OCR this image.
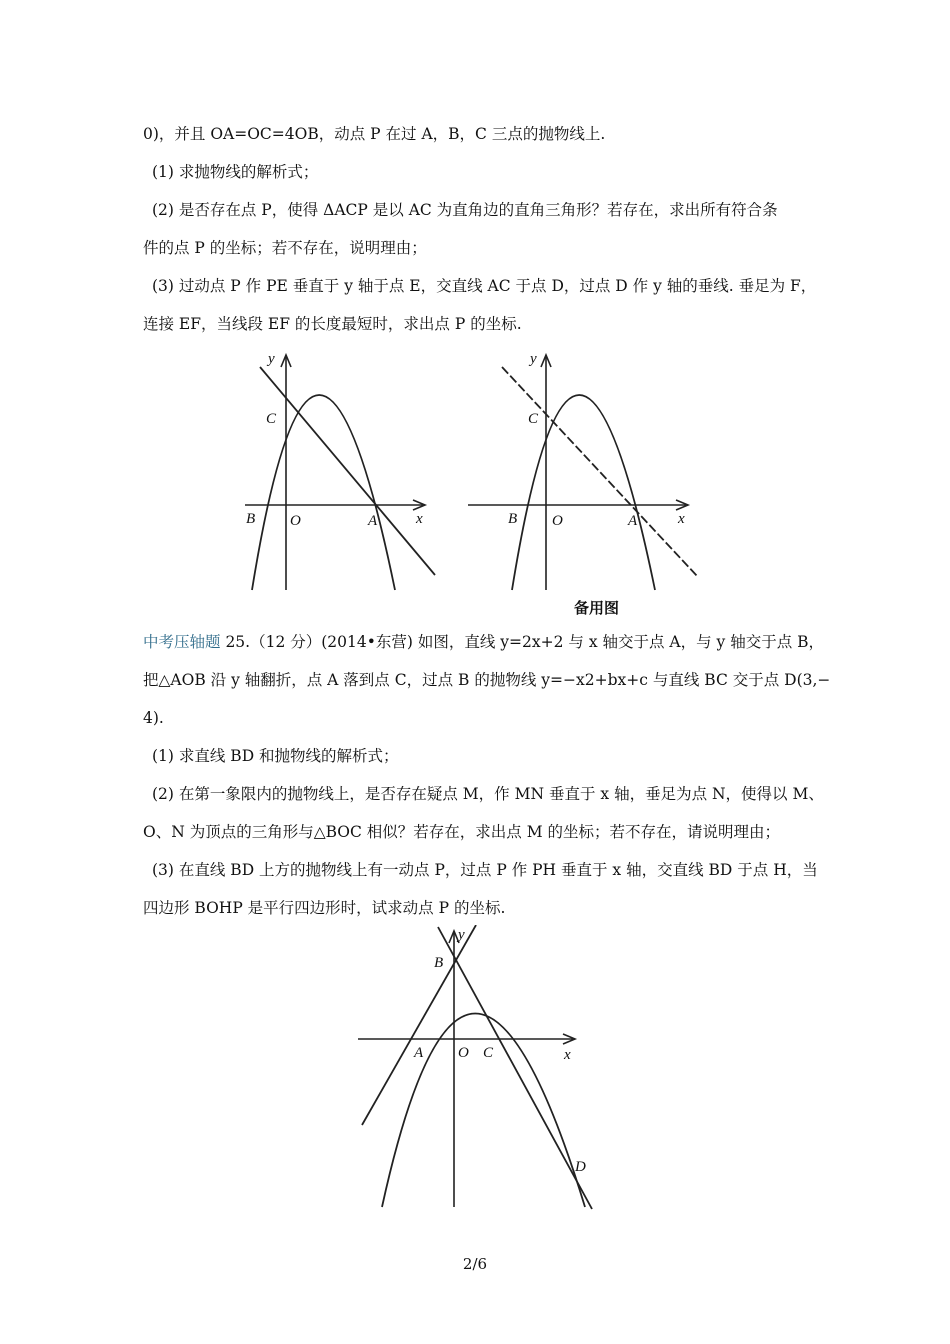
0)，并且 OA=OC=4OB，动点 P 在过 A，B，C 三点的抛物线上.
(1) 求抛物线的解析式；
(2) 是否存在点 P，使得 ΔACP 是以 AC 为直角边的直角三角形？若存在，求出所有符合条
件的点 P 的坐标；若不存在，说明理由；
(3) 过动点 P 作 PE 垂直于 y 轴于点 E，交直线 AC 于点 D，过点 D 作 y 轴的垂线. 垂足为 F，
连接 EF，当线段 EF 的长度最短时，求出点 P 的坐标.
y
C
B O	A	x
y
C
B O	A	x
备用图
中考压轴题 25.（12 分）(2014•东营) 如图，直线 y=2x+2 与 x 轴交于点 A，与 y 轴交于点 B，
把△AOB 沿 y 轴翻折，点 A 落到点 C，过点 B 的抛物线 y=−x2+bx+c 与直线 BC 交于点 D(3,−
4).
(1) 求直线 BD 和抛物线的解析式；
(2) 在第一象限内的抛物线上，是否存在疑点 M，作 MN 垂直于 x 轴，垂足为点 N，使得以 M、
O、N 为顶点的三角形与△BOC 相似？若存在，求出点 M 的坐标；若不存在，请说明理由；
(3) 在直线 BD 上方的抛物线上有一动点 P，过点 P 作 PH 垂直于 x 轴，交直线 BD 于点 H，当
四边形 BOHP 是平行四边形时，试求动点 P 的坐标.
y
B
A O C	x
D
2/6
